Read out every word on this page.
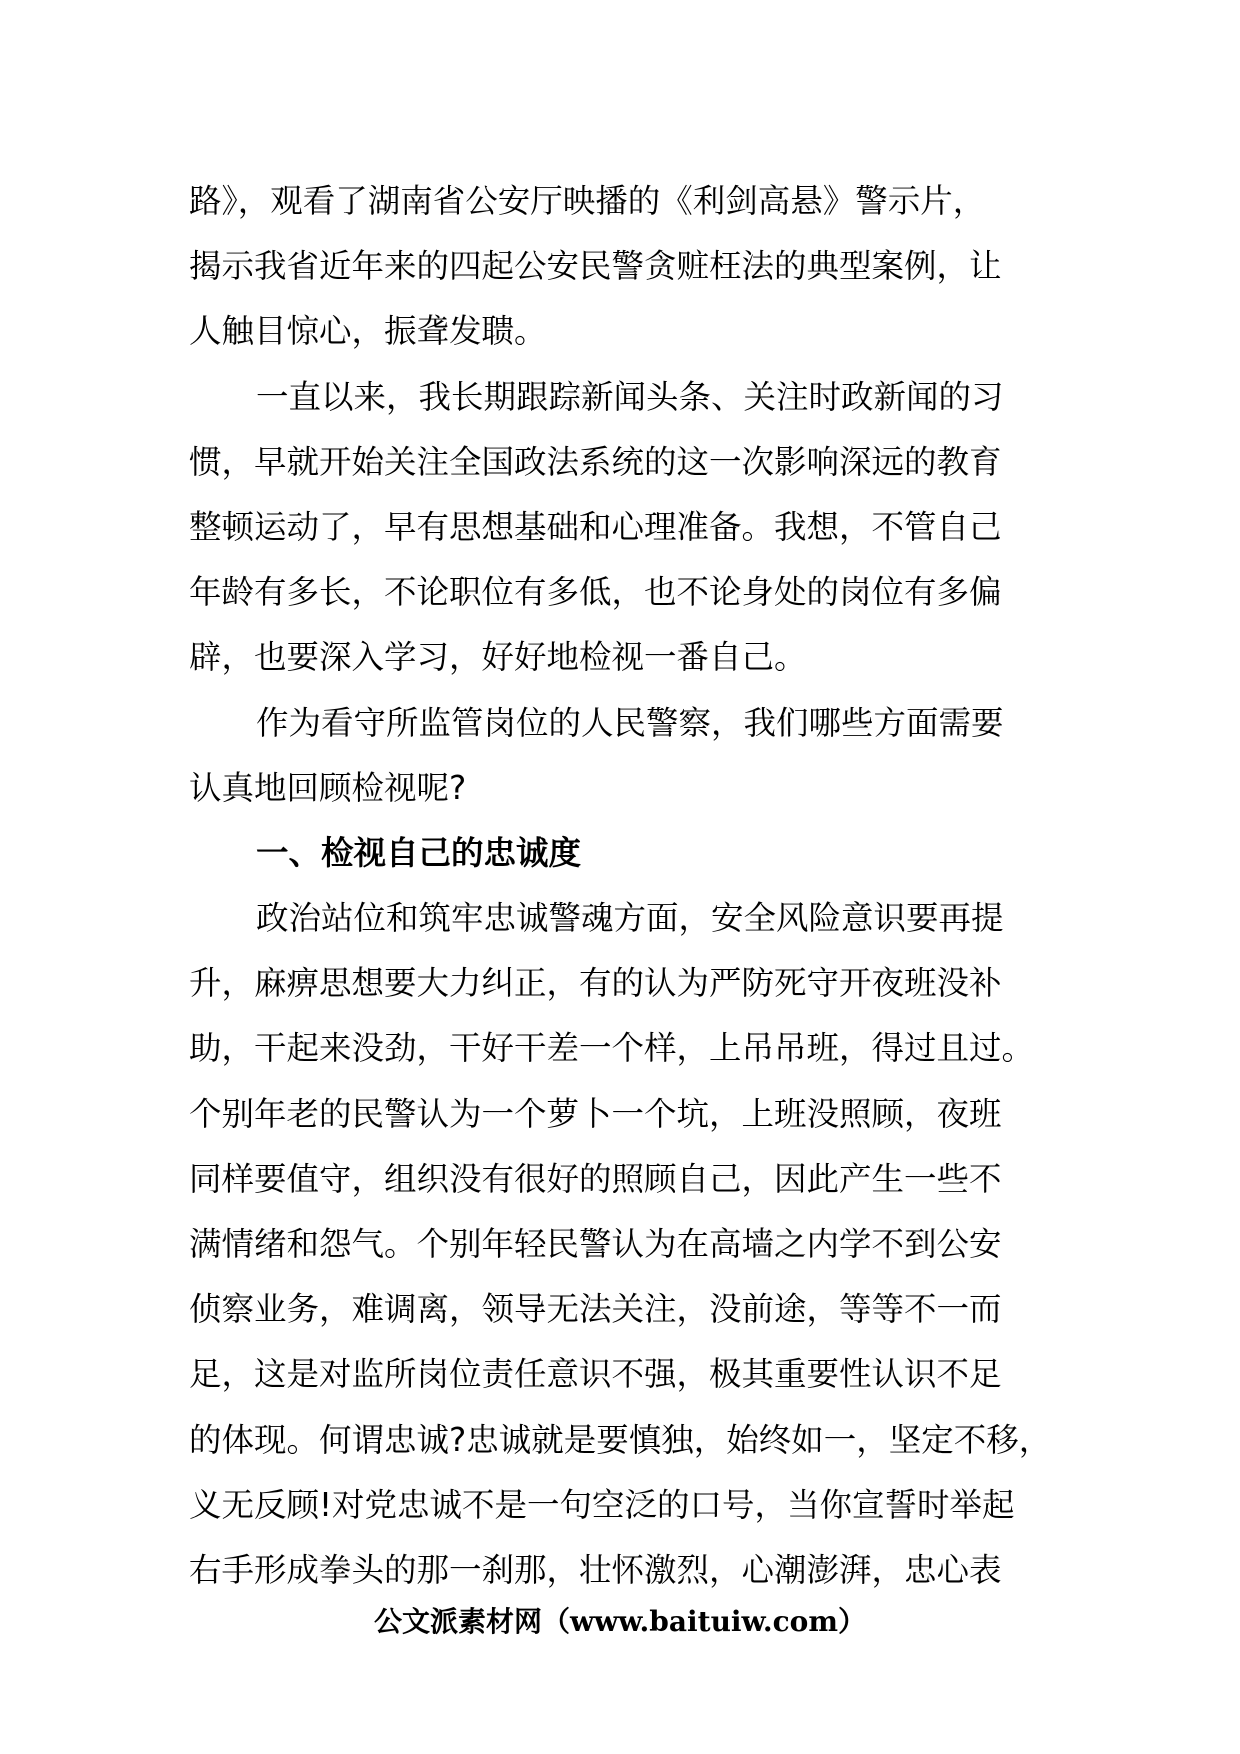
路》，观看了湖南省公安厅映播的《利剑高悬》警示片，
揭示我省近年来的四起公安民警贪赃枉法的典型案例，让
人触目惊心，振聋发聩。
一直以来，我长期跟踪新闻头条、关注时政新闻的习
惯，早就开始关注全国政法系统的这一次影响深远的教育
整顿运动了，早有思想基础和心理准备。我想，不管自己
年龄有多长，不论职位有多低，也不论身处的岗位有多偏
辟，也要深入学习，好好地检视一番自己。
作为看守所监管岗位的人民警察，我们哪些方面需要
认真地回顾检视呢?
一、检视自己的忠诚度
政治站位和筑牢忠诚警魂方面，安全风险意识要再提
升，麻痹思想要大力纠正，有的认为严防死守开夜班没补
助，干起来没劲，干好干差一个样，上吊吊班，得过且过。
个别年老的民警认为一个萝卜一个坑，上班没照顾，夜班
同样要值守，组织没有很好的照顾自己，因此产生一些不
满情绪和怨气。个别年轻民警认为在高墙之内学不到公安
侦察业务，难调离，领导无法关注，没前途，等等不一而
足，这是对监所岗位责任意识不强，极其重要性认识不足
的体现。何谓忠诚?忠诚就是要慎独，始终如一，坚定不移，
义无反顾!对党忠诚不是一句空泛的口号，当你宣誓时举起
右手形成拳头的那一刹那，壮怀激烈，心潮澎湃，忠心表
公文派素材网（www.baituiw.com）
